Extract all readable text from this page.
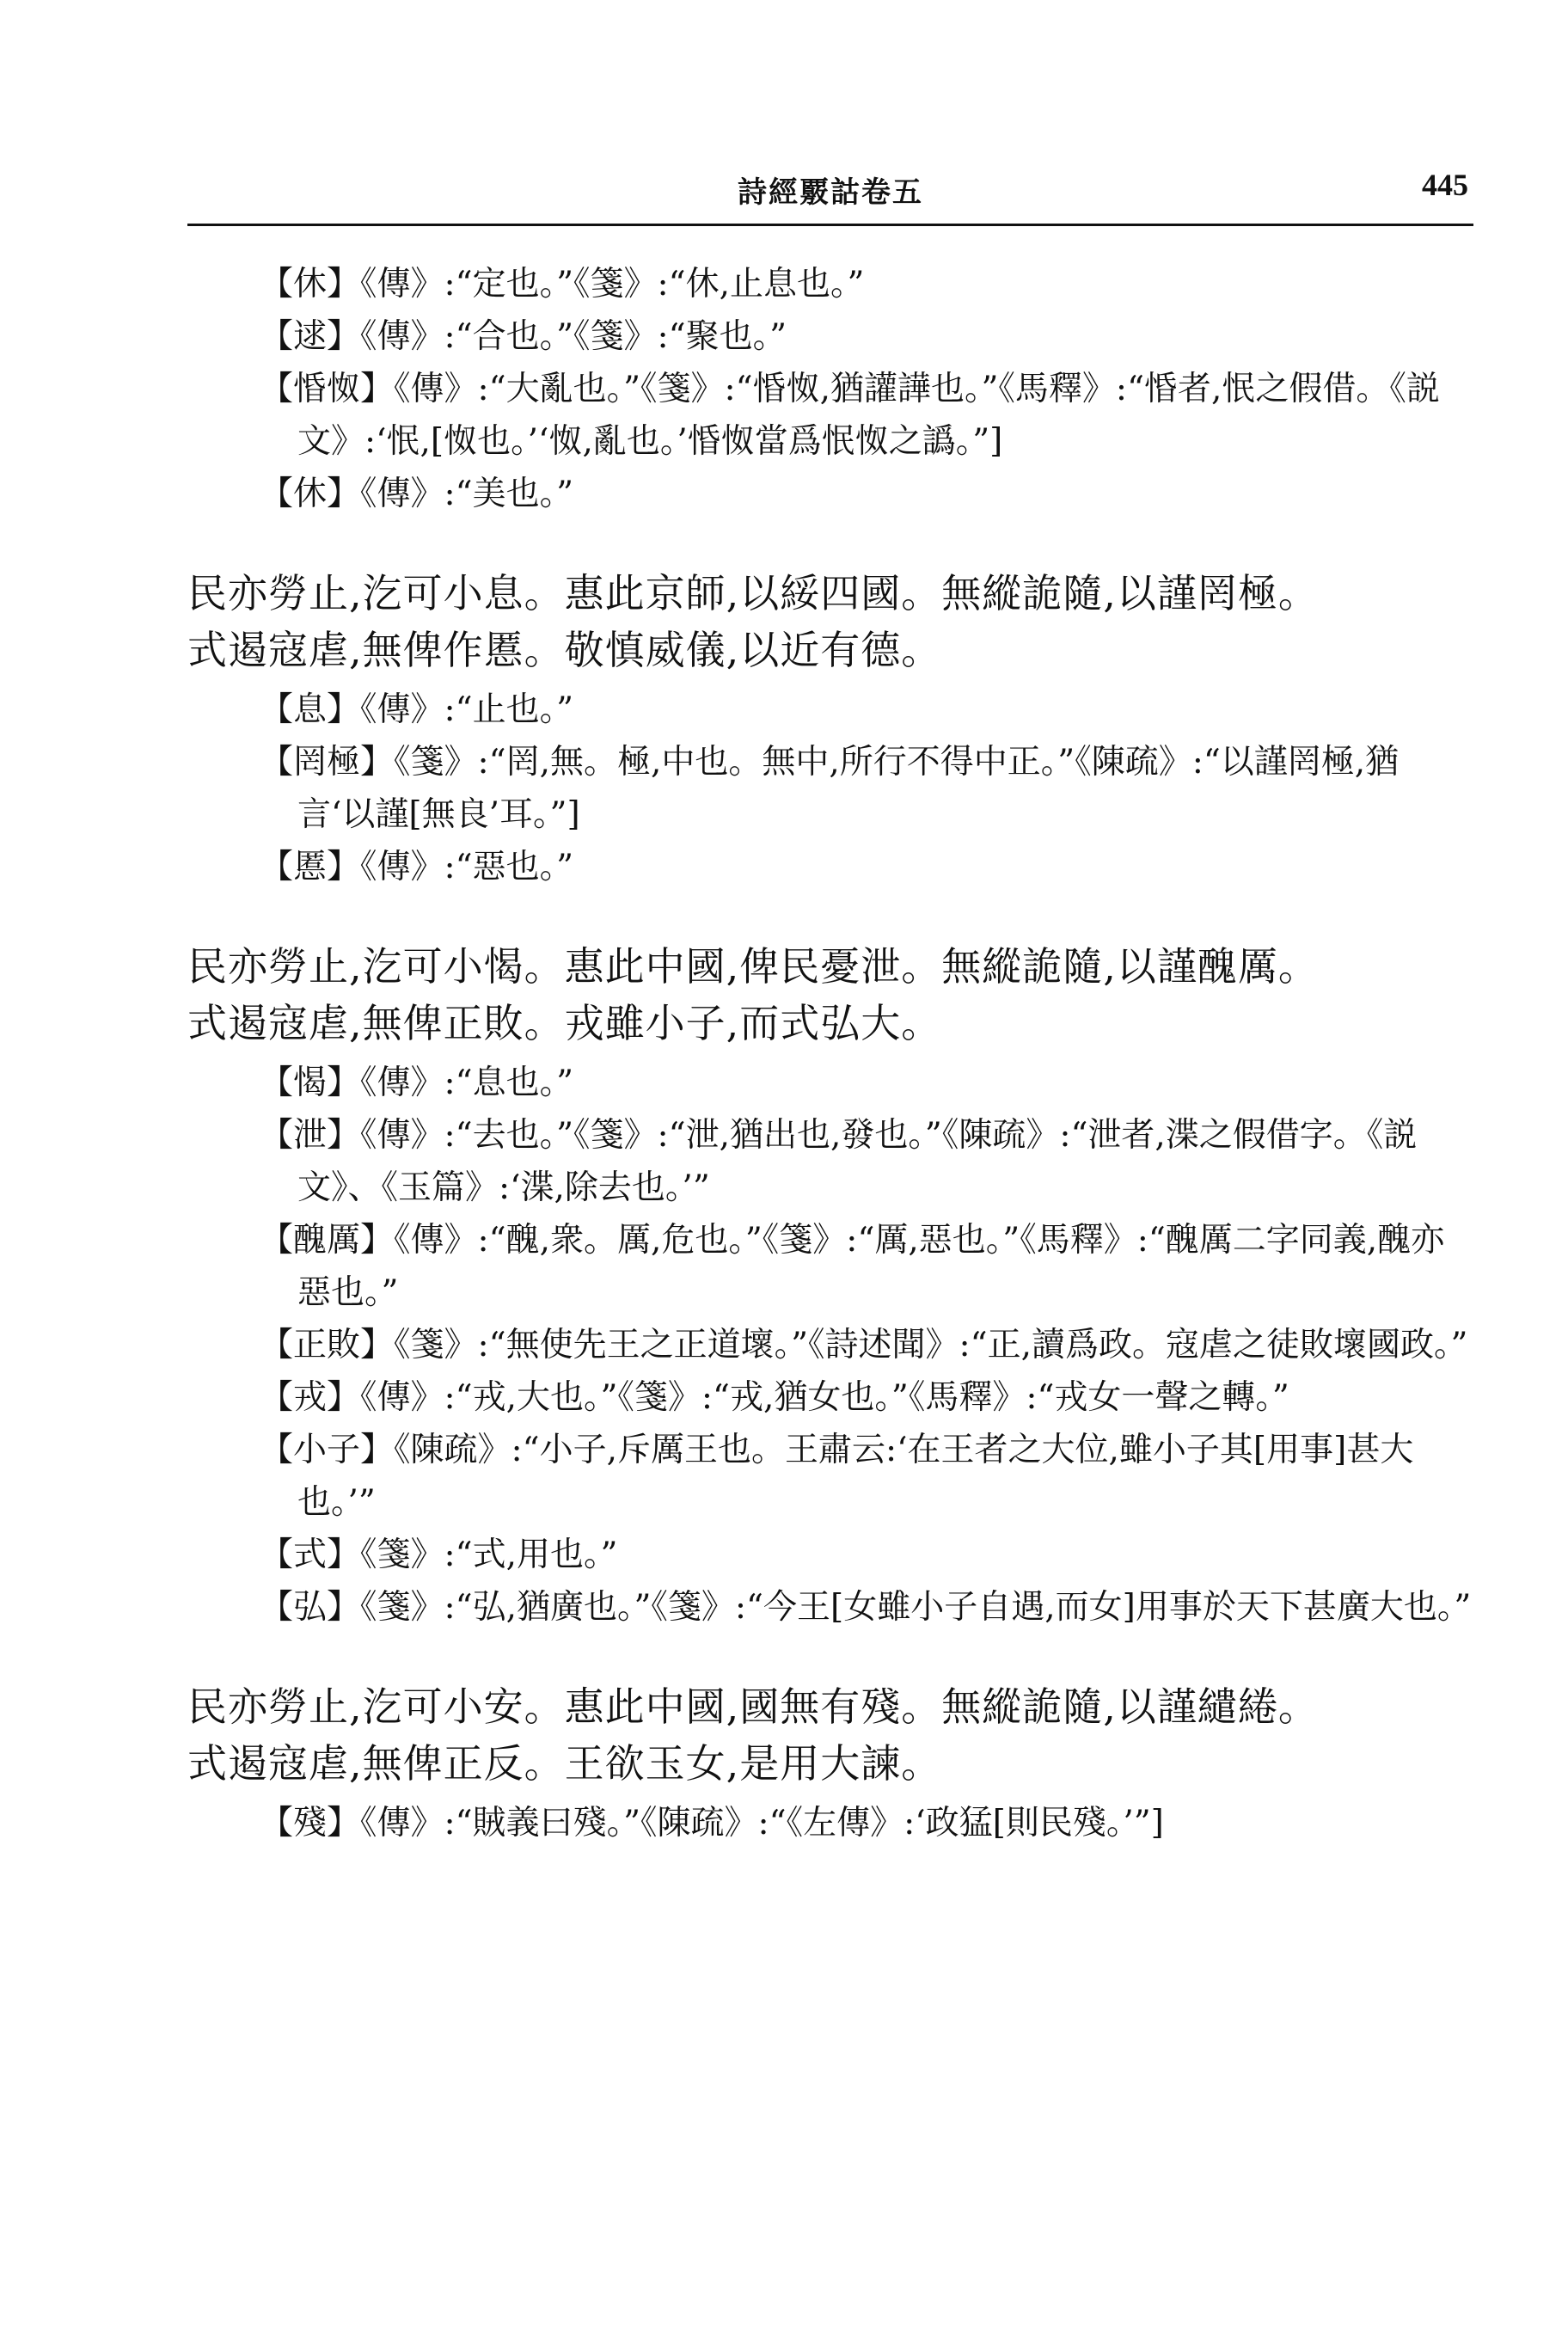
詩經覈詁卷五	445
【休】《傳》:“定也。”《箋》:“休,止息也。”
【逑】《傳》:“合也。”《箋》:“聚也。”
【惛怓】《傳》:“大亂也。”《箋》:“惛怓,猶讙譁也。”《馬釋》:“惛者,怋之假借。《説文》:‘怋,[怓也。’‘怓,亂也。’惛怓當爲怋怓之譌。”]
【休】《傳》:“美也。”

民亦勞止,汔可小息。惠此京師,以綏四國。無縱詭隨,以謹罔極。

式遏寇虐,無俾作慝。敬慎威儀,以近有德。

【息】《傳》:“止也。”
【罔極】《箋》:“罔,無。極,中也。無中,所行不得中正。”《陳疏》:“以謹罔極,猶言‘以謹[無良’耳。”]
【慝】《傳》:“惡也。”

民亦勞止,汔可小愒。惠此中國,俾民憂泄。無縱詭隨,以謹醜厲。

式遏寇虐,無俾正敗。戎雖小子,而式弘大。

【愒】《傳》:“息也。”
【泄】《傳》:“去也。”《箋》:“泄,猶出也,發也。”《陳疏》:“泄者,渫之假借字。《説文》、《玉篇》:‘渫,除去也。’”
【醜厲】《傳》:“醜,衆。厲,危也。”《箋》:“厲,惡也。”《馬釋》:“醜厲二字同義,醜亦惡也。”
【正敗】《箋》:“無使先王之正道壞。”《詩述聞》:“正,讀爲政。寇虐之徒敗壞國政。”
【戎】《傳》:“戎,大也。”《箋》:“戎,猶女也。”《馬釋》:“戎女一聲之轉。”
【小子】《陳疏》:“小子,斥厲王也。王肅云:‘在王者之大位,雖小子其[用事]甚大也。’”
【式】《箋》:“式,用也。”
【弘】《箋》:“弘,猶廣也。”《箋》:“今王[女雖小子自遇,而女]用事於天下甚廣大也。”

民亦勞止,汔可小安。惠此中國,國無有殘。無縱詭隨,以謹繾綣。

式遏寇虐,無俾正反。王欲玉女,是用大諫。

【殘】《傳》:“賊義曰殘。”《陳疏》:“《左傳》:‘政猛[則民殘。’”]
